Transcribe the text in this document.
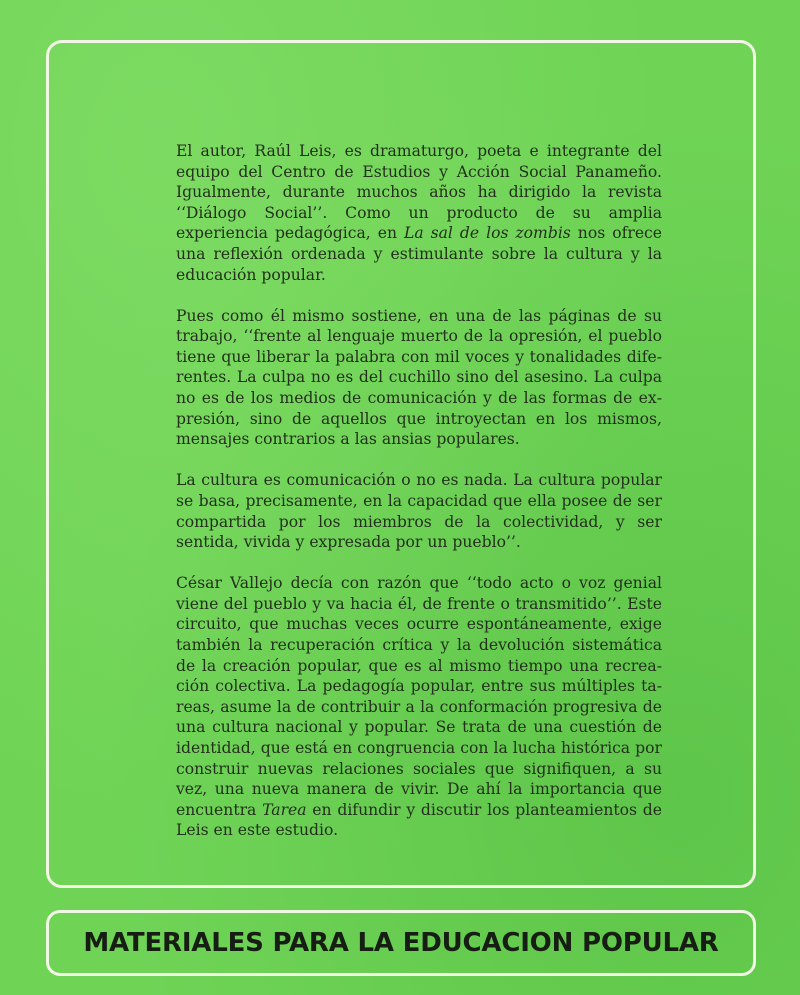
El autor, Raúl Leis, es dramaturgo, poeta e integrante del equipo del Centro de Estudios y Acción Social Panameño. Igualmente, durante muchos años ha dirigido la revista ‘‘Diálogo Social’’. Como un producto de su amplia experiencia pedagógica, en La sal de los zombis nos ofrece una reflexión ordenada y estimulante sobre la cultura y la educación popular.

Pues como él mismo sostiene, en una de las páginas de su trabajo, ‘‘frente al lenguaje muerto de la opresión, el pueblo tiene que liberar la palabra con mil voces y tonalidades diferentes. La culpa no es del cuchillo sino del asesino. La culpa no es de los medios de comunicación y de las formas de expresión, sino de aquellos que introyectan en los mismos, mensajes contrarios a las ansias populares.

La cultura es comunicación o no es nada. La cultura popular se basa, precisamente, en la capacidad que ella posee de ser compartida por los miembros de la colectividad, y ser sentida, vivida y expresada por un pueblo’’.

César Vallejo decía con razón que ‘‘todo acto o voz genial viene del pueblo y va hacia él, de frente o transmitido’’. Este circuito, que muchas veces ocurre espontáneamente, exige también la recuperación crítica y la devolución sistemática de la creación popular, que es al mismo tiempo una recreación colectiva. La pedagogía popular, entre sus múltiples tareas, asume la de contribuir a la conformación progresiva de una cultura nacional y popular. Se trata de una cuestión de identidad, que está en congruencia con la lucha histórica por construir nuevas relaciones sociales que signifiquen, a su vez, una nueva manera de vivir. De ahí la importancia que encuentra Tarea en difundir y discutir los planteamientos de Leis en este estudio.

MATERIALES PARA LA EDUCACION POPULAR
